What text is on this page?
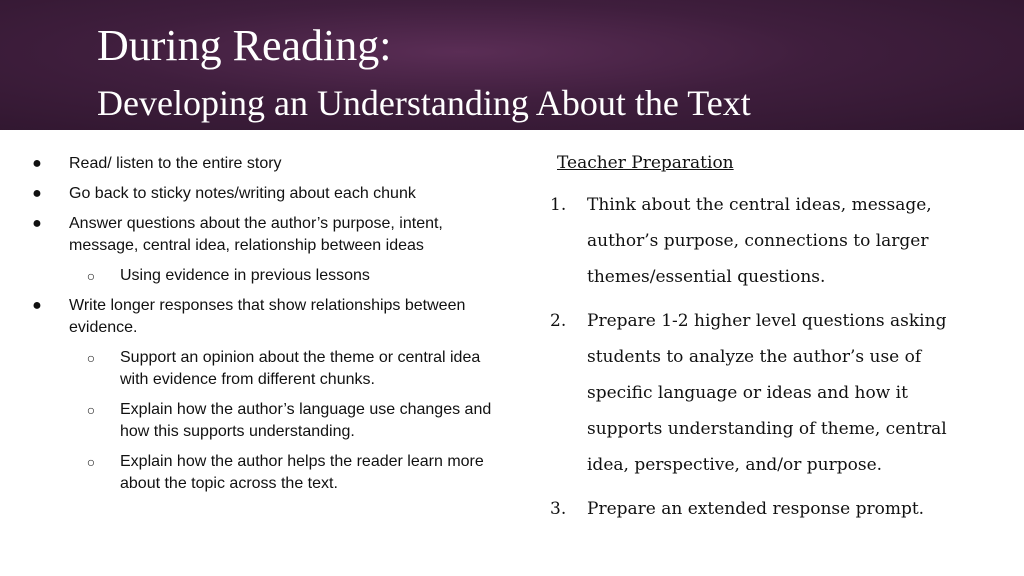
During Reading:
Developing an Understanding About the Text
● Read/ listen to the entire story
● Go back to sticky notes/writing about each chunk
● Answer questions about the author’s purpose, intent, message, central idea, relationship between ideas
○ Using evidence in previous lessons
● Write longer responses that show relationships between evidence.
○ Support an opinion about the theme or central idea with evidence from different chunks.
○ Explain how the author’s language use changes and how this supports understanding.
○ Explain how the author helps the reader learn more about the topic across the text.

Teacher Preparation

1. Think about the central ideas, message, author’s purpose, connections to larger themes/essential questions.
2. Prepare 1-2 higher level questions asking students to analyze the author’s use of specific language or ideas and how it supports understanding of theme, central idea, perspective, and/or purpose.
3. Prepare an extended response prompt.
